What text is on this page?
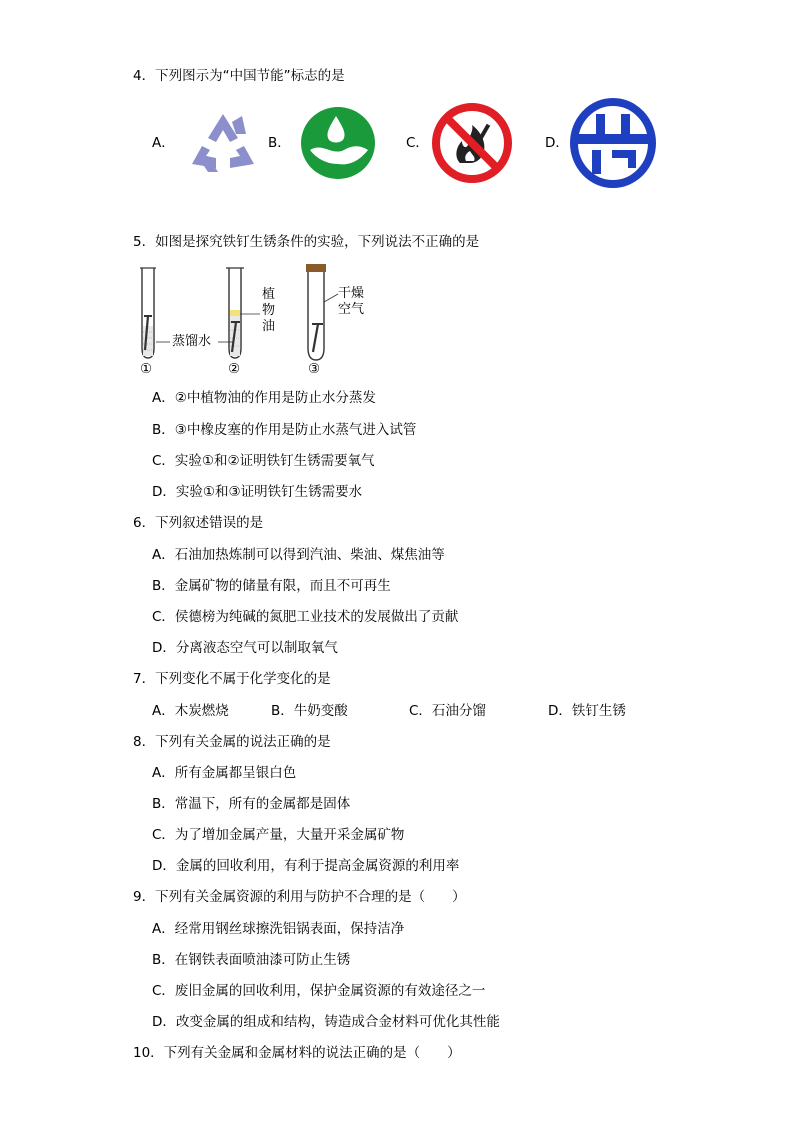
4．下列图示为“中国节能”标志的是
A．	B．	C．	D．
5．如图是探究铁钉生锈条件的实验，下列说法不正确的是
蒸馏水
植
物
油
干燥
空气
①	②	③
A．②中植物油的作用是防止水分蒸发
B．③中橡皮塞的作用是防止水蒸气进入试管
C．实验①和②证明铁钉生锈需要氧气
D．实验①和③证明铁钉生锈需要水
6．下列叙述错误的是
A．石油加热炼制可以得到汽油、柴油、煤焦油等
B．金属矿物的储量有限，而且不可再生
C．侯德榜为纯碱的氮肥工业技术的发展做出了贡献
D．分离液态空气可以制取氧气
7．下列变化不属于化学变化的是
A．木炭燃烧	B．牛奶变酸	C．石油分馏	D．铁钉生锈
8．下列有关金属的说法正确的是
A．所有金属都呈银白色
B．常温下，所有的金属都是固体
C．为了增加金属产量，大量开采金属矿物
D．金属的回收利用，有利于提高金属资源的利用率
9．下列有关金属资源的利用与防护不合理的是（　　）
A．经常用钢丝球擦洗铝锅表面，保持洁净
B．在钢铁表面喷油漆可防止生锈
C．废旧金属的回收利用，保护金属资源的有效途径之一
D．改变金属的组成和结构，铸造成合金材料可优化其性能
10．下列有关金属和金属材料的说法正确的是（　　）
